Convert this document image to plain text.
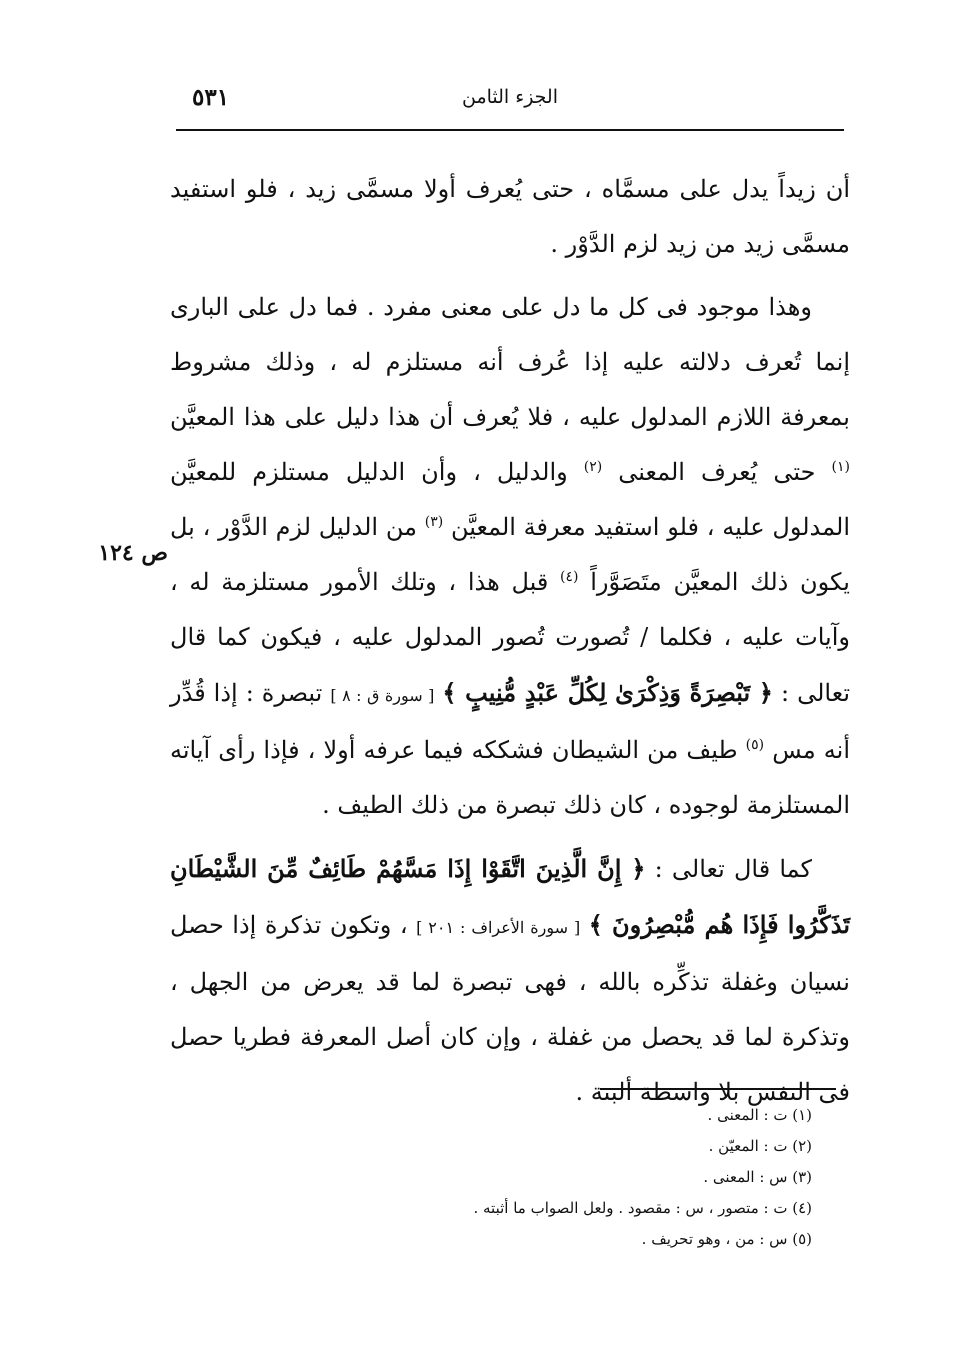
٥٣١	الجزء الثامن
ص ١٢٤

أن زيداً يدل على مسمَّاه ، حتى يُعرف أولا مسمَّى زيد ، فلو استفيد مسمَّى زيد من زيد لزم الدَّوْر .

وهذا موجود فى كل ما دل على معنى مفرد . فما دل على البارى إنما تُعرف دلالته عليه إذا عُرف أنه مستلزم له ، وذلك مشروط بمعرفة اللازم المدلول عليه ، فلا يُعرف أن هذا دليل على هذا المعيَّن $^{(١)}$ حتى يُعرف المعنى $^{(٢)}$ والدليل ، وأن الدليل مستلزم للمعيَّن المدلول عليه ، فلو استفيد معرفة المعيَّن $^{(٣)}$ من الدليل لزم الدَّوْر ، بل يكون ذلك المعيَّن متَصَوَّراً $^{(٤)}$ قبل هذا ، وتلك الأمور مستلزمة له ، وآيات عليه ، فكلما / تُصورت تُصور المدلول عليه ، فيكون كما قال تعالى : ﴿ تَبْصِرَةً وَذِكْرَىٰ لِكُلِّ عَبْدٍ مُّنِيبٍ ﴾ [ سورة ق : ٨ ] تبصرة : إذا قُدِّر أنه مس $^{(٥)}$ طيف من الشيطان فشككه فيما عرفه أولا ، فإذا رأى آياته المستلزمة لوجوده ، كان ذلك تبصرة من ذلك الطيف .

كما قال تعالى : ﴿ إِنَّ الَّذِينَ اتَّقَوْا إِذَا مَسَّهُمْ طَائِفٌ مِّنَ الشَّيْطَانِ تَذَكَّرُوا فَإِذَا هُم مُّبْصِرُونَ ﴾ [ سورة الأعراف : ٢٠١ ] ، وتكون تذكرة إذا حصل نسيان وغفلة تذكِّره بالله ، فهى تبصرة لما قد يعرض من الجهل ، وتذكرة لما قد يحصل من غفلة ، وإن كان أصل المعرفة فطريا حصل فى النفس بلا واسطة ألبتة .

(١) ت : المعنى .
(٢) ت : المعيّن .
(٣) س : المعنى .
(٤) ت : متصور ، س : مقصود . ولعل الصواب ما أثبته .
(٥) س : من ، وهو تحريف .
